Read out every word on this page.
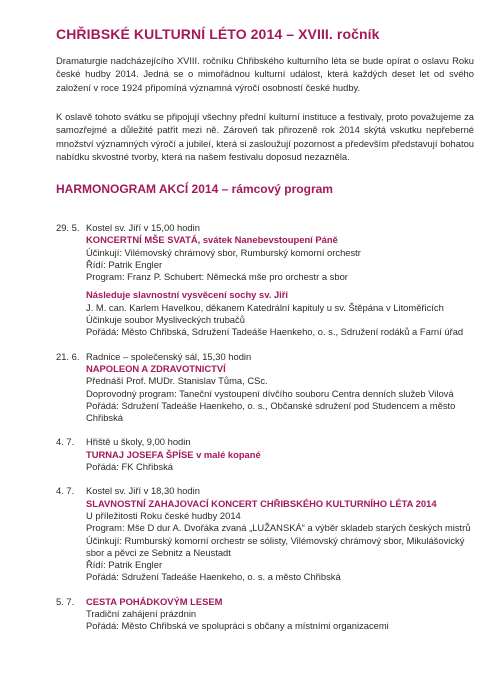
CHŘIBSKÉ KULTURNÍ LÉTO 2014 – XVIII. ročník

Dramaturgie nadcházejícího XVIII. ročníku Chřibského kulturního léta se bude opírat o oslavu Roku české hudby 2014. Jedná se o mimořádnou kulturní událost, která každých deset let od svého založení v roce 1924 připomíná významná výročí osobností české hudby.

K oslavě tohoto svátku se připojují všechny přední kulturní instituce a festivaly, proto považujeme za samozřejmé a důležité patřit mezi ně. Zároveň tak přirozeně rok 2014 skýtá vskutku nepřeberné množství významných výročí a jubileí, která si zasloužují pozornost a především představují bohatou nabídku skvostné tvorby, která na našem festivalu doposud nezazněla.

HARMONOGRAM AKCÍ 2014 – rámcový program
29. 5. Kostel sv. Jiří v 15,00 hodin
KONCERTNÍ MŠE SVATÁ, svátek Nanebevstoupení Páně
Účinkují: Vilémovský chrámový sbor, Rumburský komorní orchestr
Řídí: Patrik Engler
Program: Franz P. Schubert: Německá mše pro orchestr a sbor
Následuje slavnostní vysvěcení sochy sv. Jiří
J. M. can. Karlem Havelkou, děkanem Katedrální kapituly u sv. Štěpána v Litoměřicích
Účinkuje soubor Mysliveckých trubačů
Pořádá: Město Chřibská, Sdružení Tadeáše Haenkeho, o. s., Sdružení rodáků a Farní úřad
21. 6. Radnice – společenský sál, 15,30 hodin
NAPOLEON A ZDRAVOTNICTVÍ
Přednáší Prof. MUDr. Stanislav Tůma, CSc.
Doprovodný program: Taneční vystoupení dívčího souboru Centra denních služeb Vilová
Pořádá: Sdružení Tadeáše Haenkeho, o. s., Občanské sdružení pod Studencem a město Chřibská
4. 7.	Hřiště u školy, 9,00 hodin
TURNAJ JOSEFA ŠPÍSE v malé kopané
Pořádá: FK Chřibská
4. 7.	Kostel sv. Jiří v 18,30 hodin
SLAVNOSTNÍ ZAHAJOVACÍ KONCERT CHŘIBSKÉHO KULTURNÍHO LÉTA 2014
U příležitosti Roku české hudby 2014
Program: Mše D dur A. Dvořáka zvaná „LUŽANSKÁ“ a výběr skladeb starých českých mistrů
Účinkují: Rumburský komorní orchestr se sólisty, Vilémovský chrámový sbor, Mikulášovický sbor a pěvci ze Sebnitz a Neustadt
Řídí: Patrik Engler
Pořádá: Sdružení Tadeáše Haenkeho, o. s. a město Chřibská
5. 7.	CESTA POHÁDKOVÝM LESEM
Tradiční zahájení prázdnin
Pořádá: Město Chřibská ve spolupráci s občany a místními organizacemi
